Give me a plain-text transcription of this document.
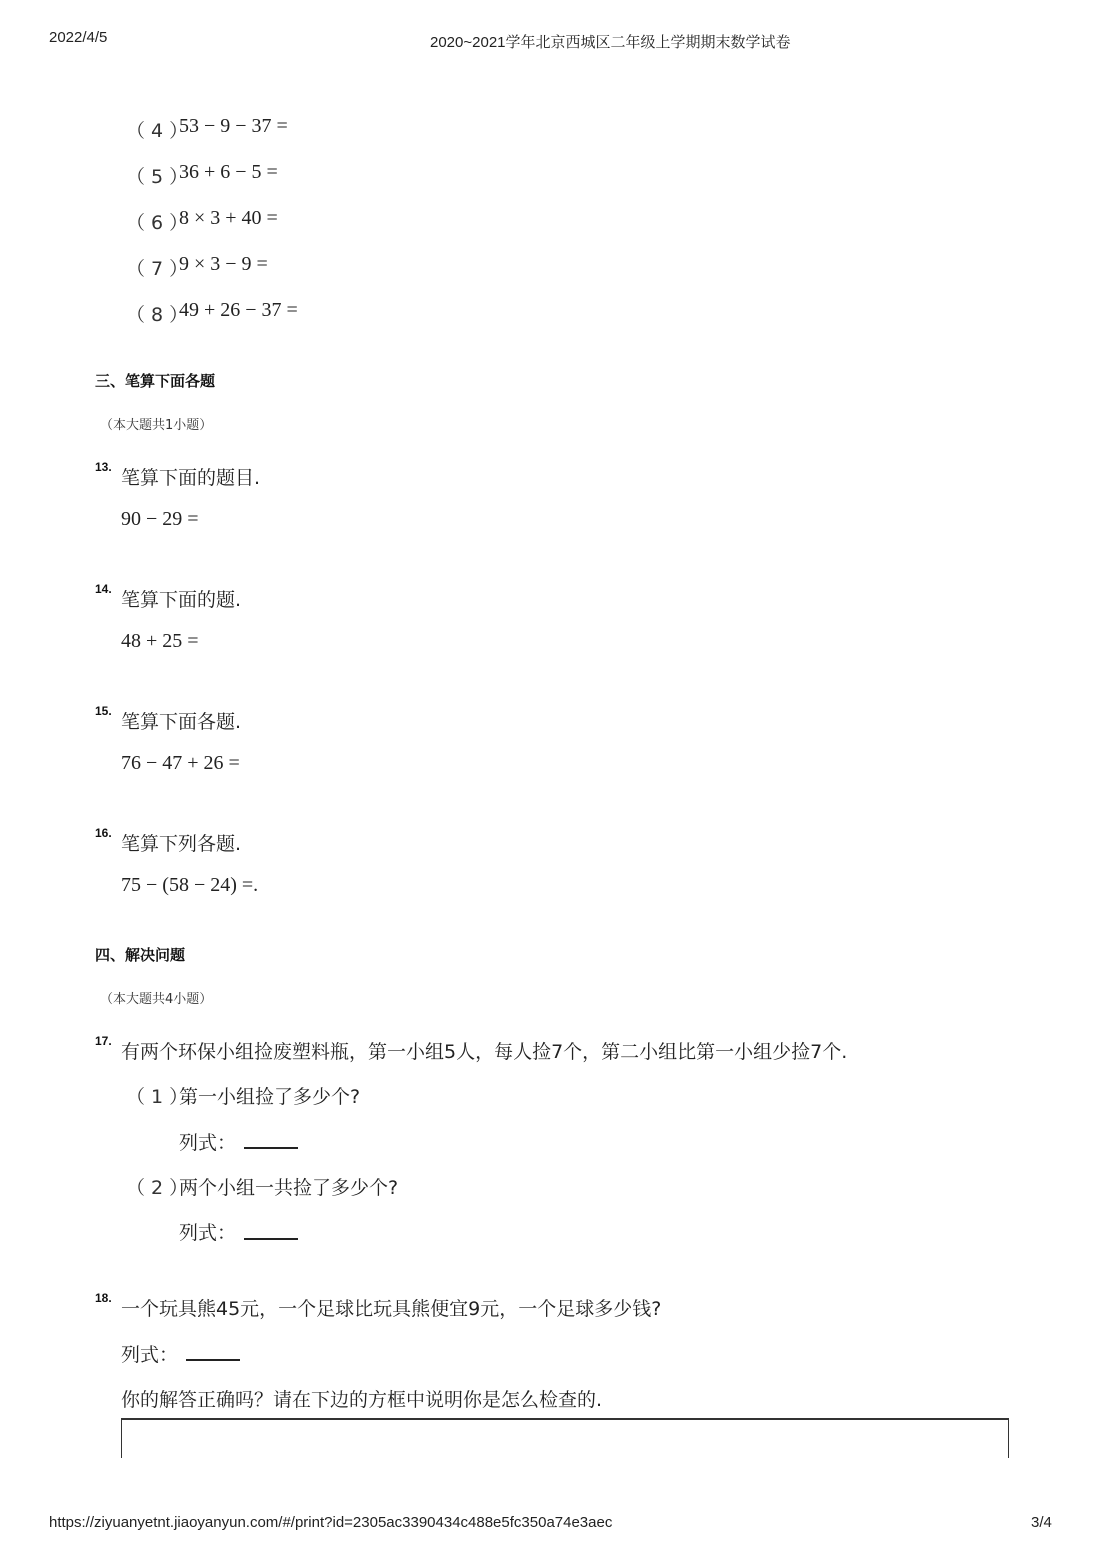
2022/4/5	2020~2021学年北京西城区二年级上学期期末数学试卷
（ 4 ）
53 − 9 − 37 =
（ 5 ）
36 + 6 − 5 =
（ 6 ）
8 × 3 + 40 =
（ 7 ）
9 × 3 − 9 =
（ 8 ）
49 + 26 − 37 =
三、笔算下面各题
（本大题共1小题）
13. 笔算下面的题目.
90 − 29 =
14. 笔算下面的题.
48 + 25 =
15. 笔算下面各题.
76 − 47 + 26 =
16. 笔算下列各题.
75 − (58 − 24) =.
四、解决问题
（本大题共4小题）
17. 有两个环保小组捡废塑料瓶，第一小组5人，每人捡7个，第二小组比第一小组少捡7个.
（ 1 ）
第一小组捡了多少个?
列式：
（ 2 ）
两个小组一共捡了多少个?
列式：
18. 一个玩具熊45元，一个足球比玩具熊便宜9元，一个足球多少钱?
列式：
你的解答正确吗？请在下边的方框中说明你是怎么检查的.
https://ziyuanyetnt.jiaoyanyun.com/#/print?id=2305ac3390434c488e5fc350a74e3aec	3/4
